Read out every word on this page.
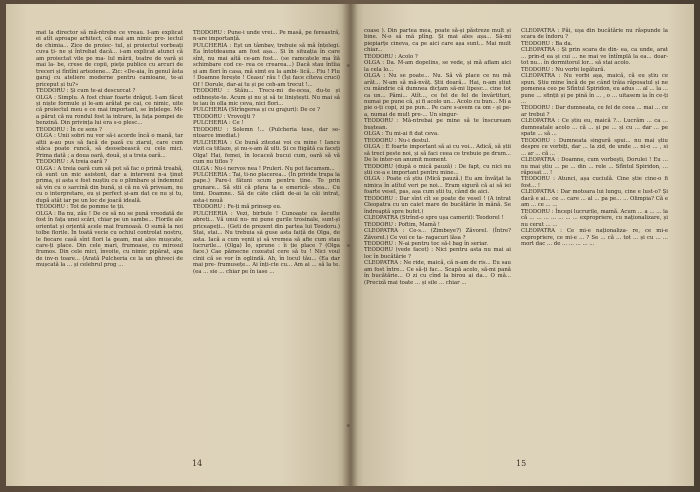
mat la director să mă-ntrebe ce vreau. I-am explicat ei atît aproape arhitect, că mai am nimic pro- iectul de chimia... Zice de proiec- tul, și proiectul vorbeați cuva ți- ne și întrebat dacă... i-am explicat atunci că am proiectat vile pe ma- lul mării, teatre de vară și mai la- be, crese de copii, piețe publice cu arcuri de treceri și fîntîni arteziene... Zic: «De-aia, în genul ăsta garaj cu ateliere moderne pentru camioane, te-ai priceput și tu?»

TEODORU : Și cum te-ai descurcat ?

OLGA : Simplu. A fost chiar foarte drăguț. I-am făcut și niște formule și le-am arătat pe cai, ce nimic, uite că proiectul meu e ce mai important, se înțelege. Mi-a părut că nu rondul fost la intrare, la fața pompei de benzină. Din privința lui era s-o plesc...

TEODORU : În ce sens ?

OLGA : Unii sobri nu vor să-i acorde încă o mană, tar altii a-au pus să facă de pază cu ziarul, care cum stăca poate runcă, să deosebească cu cele mici. Prima dată ; a doua oară, două, și a treia oară...

TEODORU : A treia oară ?

OLGA : A treia oară cum să pot să fac o primă treabă, că sunt un mic asistent, dar a interveni n-a ținut prima, și asta e fost nuștiu cu o plimbare și îndemnul să vin cu o sarcină din bună, și că nu vă priveam, nu cu o interpretare, eu și perfect și-am dat ce nu și tu, după atât iar pe un loc de joacă ideală.

TEODORU : Tot de pomme te ții.

OLGA : Ba nu, zău ! De ce să nu se pună vreodată de fost în fața unei scări, chiar pe un sambe... Florile ale orientat și orientă acele mai frumoasă. O sumă la noi tolbe florile. În toată vecie cu ochiul controlat nostru, le fiecare casă sînt flori la geam, mai ales mușcate, care-ți place. Din cele mari, frumoase, cu mirosul frumos. Din cele mici, învoite, cu nimic pipărat, apa de inv-n toare... (Arată Pulcheria ce la un ghiveci de mușcată la ... și celebrul prog ...

TEODORU : Pune-i unde vrei... Pe masă, pe fereastră, n-are importanță.

PULCHERIA : Eșt un tâmbav, trebuie să mă înțelegi. Ea întotdeauna am fost așa... Și în situația în care sînt, nu mai aîtă ce-am fost... (se ramcatele ma îlă schimbare cod ce- rea ce crearea...) Dacă stau întîia și am flori în casa, mă simt eu la ambi- lică... Fiu ! Flu ! Doamne ferește ! Ceasu' rău ! (Își face cîteva cruci) Of ! Dorule, dar-ai tu și pe ceh-am trecut !...

TEODORU : Stăiu... Trecu-mi de-ocea, du-te și odihnește-te. Acum și nu și să te liniștești. Nu mai să te iau în olla mic ceva, nici flori...

PULCHERIA (Strîngerea și cu grajuri): De ce ?

TEODORU : Vrovoijti ?

PULCHERIA : Ce !

TEODORU : Solemn !... (Pulcheria tese, dar se-ntoarce imediat.)

PULCHERIA : Ce bună ziteziai voi cu mine ! Iancu vizit ca titlaze, și nu-s-am ăl ulti. Și ce fiigătă ca faceți Olga! Hai, femei, în locaceă bucui cum, oară să vă cum nu tiflos ?

OLGA : Nu-i nervos nea ! Pruleri. Nu pot facumsm...

PULCHERIA : Tai, ti-no placerea... (În privide trupa la pape.) Pare-i fătuni scum pentru ține. To prin grunare... Să stii că pfara ta e emerică- stea... Cu timi. Doamne.. Să de câte clădi de-ai la căi intrat, asta-i nouă

TEODORU : Fe-ți mă prinsep eu.

PULCHERIA : Vezi, birbule ! Cunoaște ca ăsculte abreti... Vă unul nu- mi pune gurile trosinale, sunt-și priceapeți... (Geti de prezent din partea lui Teodoru.) Stai, stai... Nu trebuia să guse asta faiță de Olga, de asta. Iacă a cum venii și să vremea să afie cum stau lucrurile... (Olga) Îo, sprune : îi ție place ? (Olga face.) Cae pămecne cozeatul cere să tu ! Nici voul cinii că se vor în oglindă. Ah, în locul tău... (Ea dar mai pre- frumusețe... Ai înți-cte cu... Am ai ... să la te. (ea ... sie ... chiar pe în iase ...

14

coase ). Din partea mea, poate să-și păstreze mult și bine. N-o să mă plîng. Și mai ales așa... Să-mi piepiarțe cineva, ca pe aici care așa sunt... Mai mult chiar...

TEODORU : Acolo ?

OLGA : Da. M-am dopelins, se vede, și mă aflam aici la cela lo...

OLGA : Nu se poate... Nu. Să vă place ce nu mă arăt... N-am să mă-nvăț. Știi doară... Hai, n-am știut cu mândrie că dumnea dicțam să-mi lipesc... cine tot ca un... Pâmi... Atît..., ce fel de fel de învârtituri, numai pe pune că, și fi acolo un... Acolo cu bun... Mi a pie o-ți copi, zi pe pun... Pe care s-avem ca om - și pe-a, numai de mult pre-... Un singur-

TEODORU : Mă-ntrebai pe mine să te înscuream buștean.

OLGA : Tu mi-ai fi dat ceva.

TEODORU : Nu-i destul.

OLGA : E foarte important să ai cu voi... Adică, să știi să treci peste noi, și să faci ceea ce trebuie pe drum... De le inter-un anumit moment.

TEODORU (după o mică pauză) : De fapt, cu nici nu știi ce-a e important pentru mine...

OLGA : Poate că știu (Mică pauză.) Eu am învățat la nimica în atîtul veri pe noi... Eram sigură că ai să iei foarte vesel, pas, așa cum știi tu, când de aici.

TEODORU : Dar sînt cît se poate de vesel ! (A intrat Cleopatra cu un caiet mare de bucătărie în mână. Se îndreaptă spre bufet.)

CLEOPATRA (Strînd-o spre ușa camerii): Teodorel !

TEODORU : Poftim, Mamă !

CLEOPATRA : Ce-s... (Zimbeye?) Zăvorel. (Între? Zăvorel.) Ce voi ce ta- ragacuri lăsa ?

TEODORU : N-ai pentru toc să-l bag în seriar.

TEODORU (vede facet) : Nici pentru asta nu mai ai loc în bucătărie ?

CLEOPATRA : Ne ride, maică, că n-am de ris... Eu sau am fost între... Ce să-ți fac... Scapă acolo, să-mi pană în bucătărie... O zi cu cînd la birou ai da... O mă... (Preciză mai toate ... și sile ... chiar ...

CLEOPATRA : Păi, ușa din bucătărie nu răspunde la scara de îndoru ?

TEODORU : Ba da.

CLEOPATRA : Și prin scara de din- ea, ca unde, arat ... prin-d ea și cui ... ne mai ve întîmplă la ea... doar-tot nu... în dormitorul lor... să stai acolo.

TEODORU : Nu vorbi legătură.

CLEOPATRA : Nu vorbi așa, maică, că eu știu ce spun. Știu mine încă de pe când trăia răposatul și ne pomenea ceo pe Sfîntul Spiridon, eu adus ... al ... la ... pune ... sfinții și pe pină în ... , o ... uitasem ia în ce-ți ...

TEODORU : Dar dumneata, ce fel de ceea ... mai ... ce ar trebui ?

CLEOPATRA : Ce știu eu, maică ?... Lucrăm ... ca ... dumneatale acolo ... că ... și pe ... și cu ... dar ... pe spate ... să ...

TEODORU : Dumneata singură spui... nu mai știu despre ce vorbiți, dar ... la zid, de unde ... ni-o ... , si ... ar ... că ...

CLEOPATRA : Doamne, cum vorbești, Dorulei ! Eu ... nu mai știu ... pe ... din ... rele ... Sfîntul Spiridon, ... răposat ... !

TEODORU : Atunci, așa cuciulă. Cine știe cine-o fi fost... !

CLEOPATRA : Dar motoara lui lungu, cine e lust-o? Și dacă e ai... ce ... care ... al ... pa pe... ... Olimpia? Că e am ... ce ... ...

TEODORU : Începi lucrurile, mamă. Acum ... a ... ... la că ... ... ... ... ... ... ... expropriere, cu naționalizare, și nu cerut ... ...

CLEOPATRA : Ce mi-e naționaliza- re, ce mi-e expropriere, ce mi-e ... ? Se ... că ... tot ... și cu ... ... mort dac ... de ... ... ... ... ...

15
